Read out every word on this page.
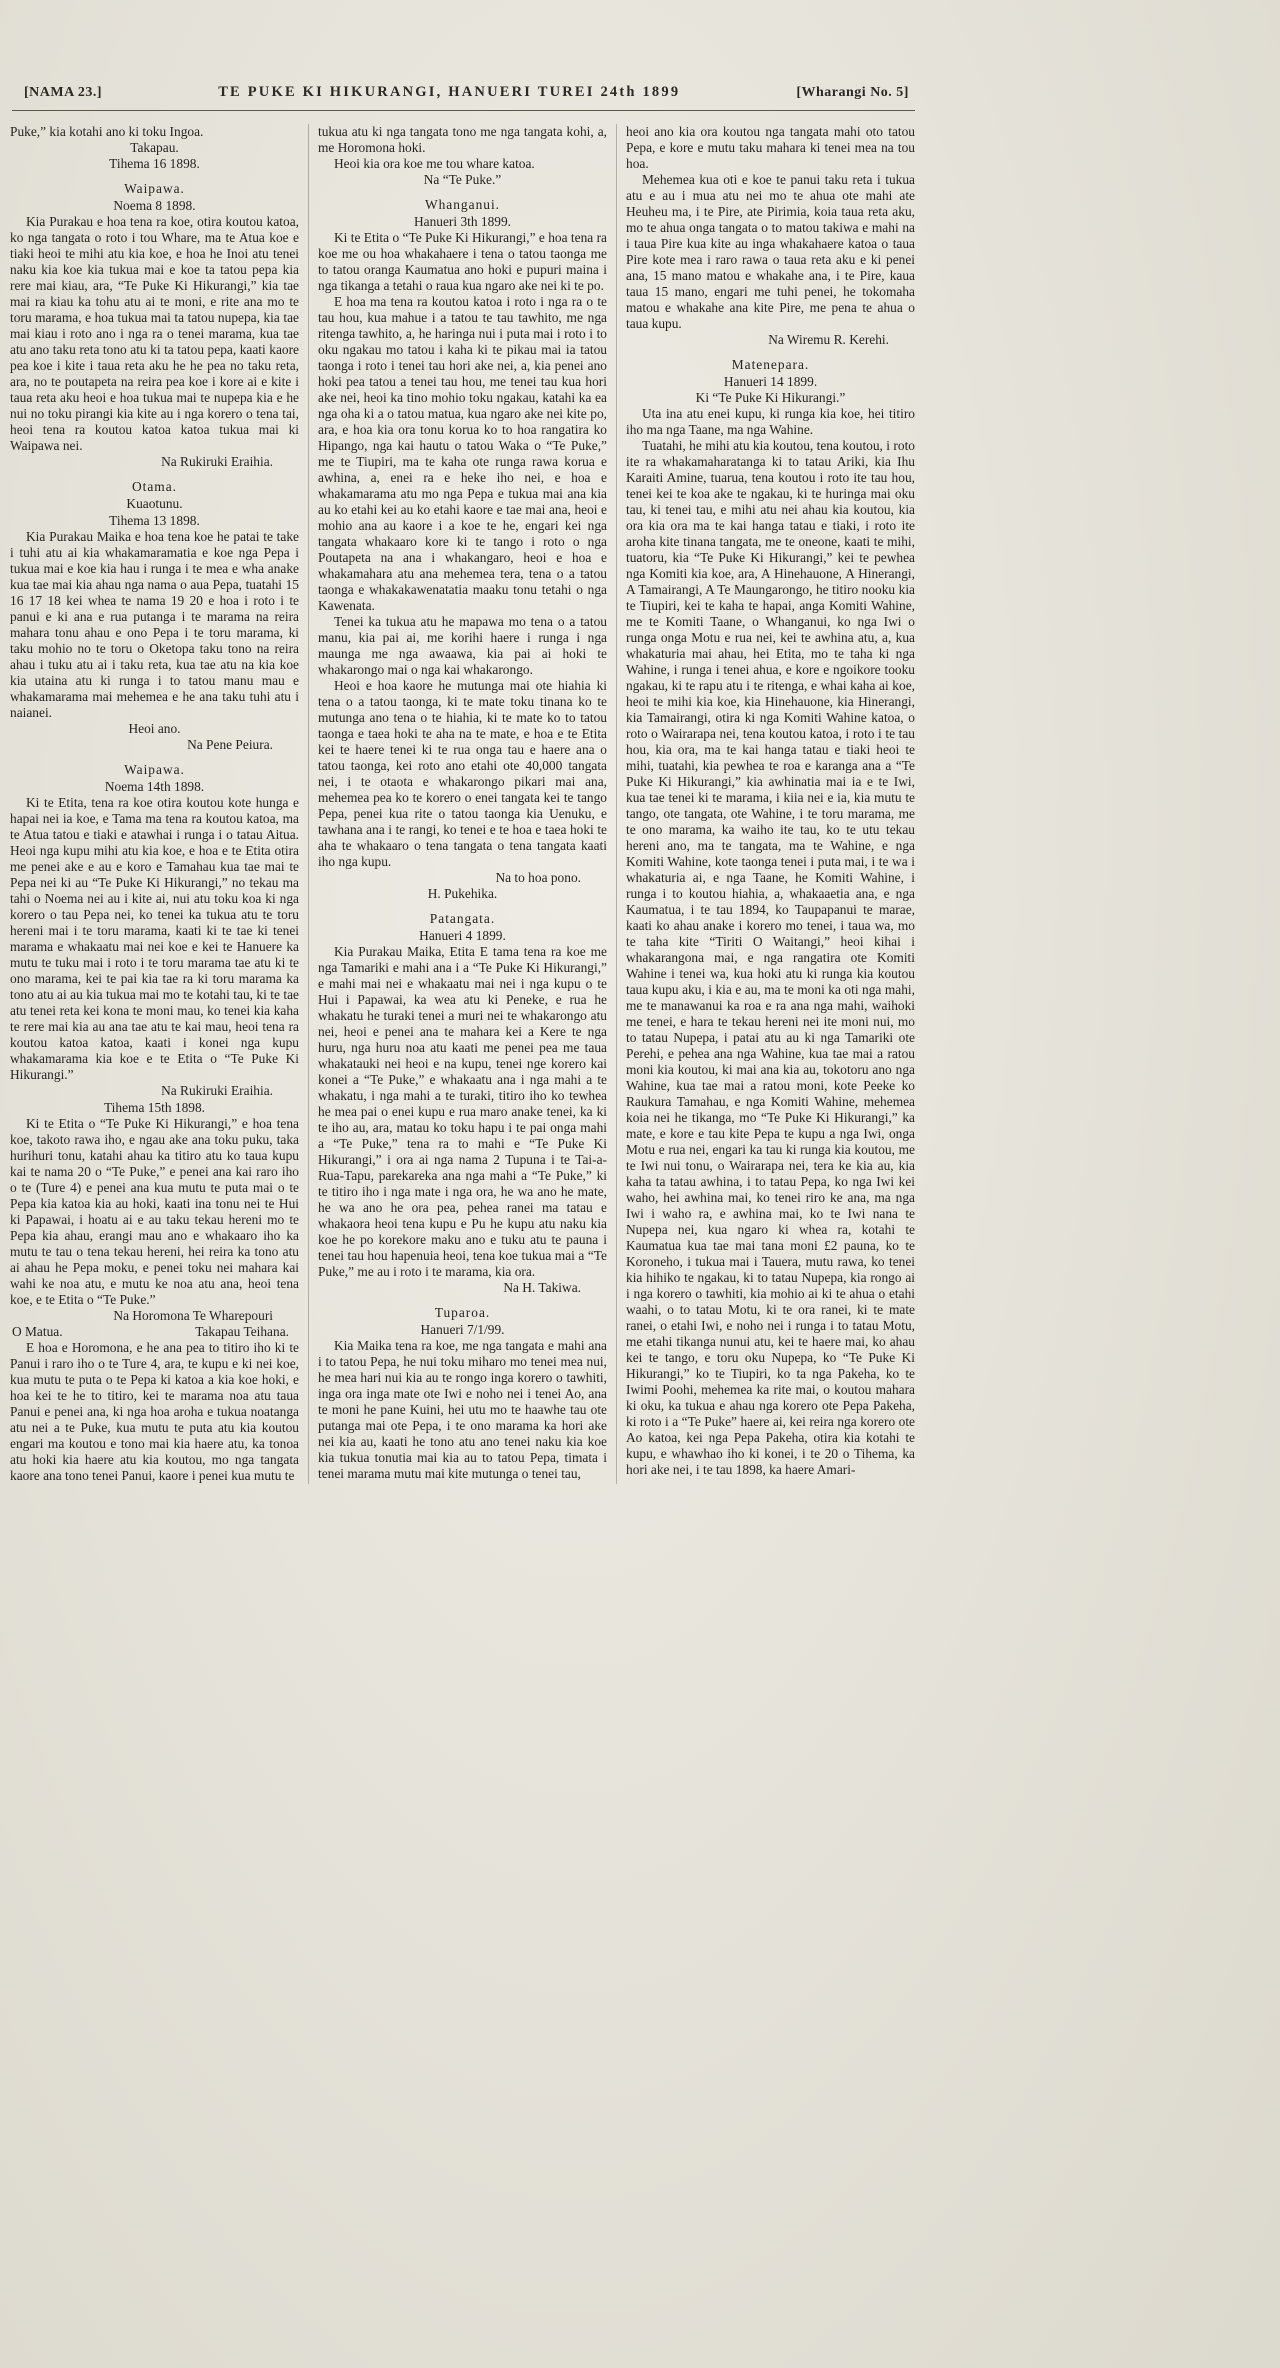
[NAMA 23.]	TE PUKE KI HIKURANGI, HANUERI TUREI 24th 1899	[Wharangi No. 5]
Puke,” kia kotahi ano ki toku Ingoa.
Takapau.
Tihema 16 1898.
Waipawa.
Noema 8 1898.
Kia Purakau e hoa tena ra koe, otira koutou katoa, ko nga tangata o roto i tou Whare, ma te Atua koe e tiaki heoi te mihi atu kia koe, e hoa he Inoi atu tenei naku kia koe kia tukua mai e koe ta tatou pepa kia rere mai kiau, ara, “Te Puke Ki Hikurangi,” kia tae mai ra kiau ka tohu atu ai te moni, e rite ana mo te toru marama, e hoa tukua mai ta tatou nupepa, kia tae mai kiau i roto ano i nga ra o tenei marama, kua tae atu ano taku reta tono atu ki ta tatou pepa, kaati kaore pea koe i kite i taua reta aku he he pea no taku reta, ara, no te poutapeta na reira pea koe i kore ai e kite i taua reta aku heoi e hoa tukua mai te nupepa kia e he nui no toku pirangi kia kite au i nga korero o tena tai, heoi tena ra koutou katoa katoa tukua mai ki Waipawa nei.
Na Rukiruki Eraihia.
Otama.
Kuaotunu.
Tihema 13 1898.
Kia Purakau Maika e hoa tena koe he patai te take i tuhi atu ai kia whakamaramatia e koe nga Pepa i tukua mai e koe kia hau i runga i te mea e wha anake kua tae mai kia ahau nga nama o aua Pepa, tuatahi 15 16 17 18 kei whea te nama 19 20 e hoa i roto i te panui e ki ana e rua putanga i te marama na reira mahara tonu ahau e ono Pepa i te toru marama, ki taku mohio no te toru o Oketopa taku tono na reira ahau i tuku atu ai i taku reta, kua tae atu na kia koe kia utaina atu ki runga i to tatou manu mau e whakamarama mai mehemea e he ana taku tuhi atu i naianei.
Heoi ano.
Na Pene Peiura.
Waipawa.
Noema 14th 1898.
Ki te Etita, tena ra koe otira koutou kote hunga e hapai nei ia koe, e Tama ma tena ra koutou katoa, ma te Atua tatou e tiaki e atawhai i runga i o tatau Aitua. Heoi nga kupu mihi atu kia koe, e hoa e te Etita otira me penei ake e au e koro e Tamahau kua tae mai te Pepa nei ki au “Te Puke Ki Hikurangi,” no tekau ma tahi o Noema nei au i kite ai, nui atu toku koa ki nga korero o tau Pepa nei, ko tenei ka tukua atu te toru hereni mai i te toru marama, kaati ki te tae ki tenei marama e whakaatu mai nei koe e kei te Hanuere ka mutu te tuku mai i roto i te toru marama tae atu ki te ono marama, kei te pai kia tae ra ki toru marama ka tono atu ai au kia tukua mai mo te kotahi tau, ki te tae atu tenei reta kei kona te moni mau, ko tenei kia kaha te rere mai kia au ana tae atu te kai mau, heoi tena ra koutou katoa katoa, kaati i konei nga kupu whakamarama kia koe e te Etita o “Te Puke Ki Hikurangi.”
Na Rukiruki Eraihia.
Tihema 15th 1898.
Ki te Etita o “Te Puke Ki Hikurangi,” e hoa tena koe, takoto rawa iho, e ngau ake ana toku puku, taka hurihuri tonu, katahi ahau ka titiro atu ko taua kupu kai te nama 20 o “Te Puke,” e penei ana kai raro iho o te (Ture 4) e penei ana kua mutu te puta mai o te Pepa kia katoa kia au hoki, kaati ina tonu nei te Hui ki Papawai, i hoatu ai e au taku tekau hereni mo te Pepa kia ahau, erangi mau ano e whakaaro iho ka mutu te tau o tena tekau hereni, hei reira ka tono atu ai ahau he Pepa moku, e penei toku nei mahara kai wahi ke noa atu, e mutu ke noa atu ana, heoi tena koe, e te Etita o “Te Puke.”
Na Horomona Te Wharepouri
O Matua.	Takapau Teihana.
E hoa e Horomona, e he ana pea to titiro iho ki te Panui i raro iho o te Ture 4, ara, te kupu e ki nei koe, kua mutu te puta o te Pepa ki katoa a kia koe hoki, e hoa kei te he to titiro, kei te marama noa atu taua Panui e penei ana, ki nga hoa aroha e tukua noatanga atu nei a te Puke, kua mutu te puta atu kia koutou engari ma koutou e tono mai kia haere atu, ka tonoa atu hoki kia haere atu kia koutou, mo nga tangata kaore ana tono tenei Panui, kaore i penei kua mutu te
tukua atu ki nga tangata tono me nga tangata kohi, a, me Horomona hoki.
Heoi kia ora koe me tou whare katoa.
Na “Te Puke.”
Whanganui.
Hanueri 3th 1899.
Ki te Etita o “Te Puke Ki Hikurangi,” e hoa tena ra koe me ou hoa whakahaere i tena o tatou taonga me to tatou oranga Kaumatua ano hoki e pupuri maina i nga tikanga a tetahi o raua kua ngaro ake nei ki te po.
E hoa ma tena ra koutou katoa i roto i nga ra o te tau hou, kua mahue i a tatou te tau tawhito, me nga ritenga tawhito, a, he haringa nui i puta mai i roto i to oku ngakau mo tatou i kaha ki te pikau mai ia tatou taonga i roto i tenei tau hori ake nei, a, kia penei ano hoki pea tatou a tenei tau hou, me tenei tau kua hori ake nei, heoi ka tino mohio toku ngakau, katahi ka ea nga oha ki a o tatou matua, kua ngaro ake nei kite po, ara, e hoa kia ora tonu korua ko to hoa rangatira ko Hipango, nga kai hautu o tatou Waka o “Te Puke,” me te Tiupiri, ma te kaha ote runga rawa korua e awhina, a, enei ra e heke iho nei, e hoa e whakamarama atu mo nga Pepa e tukua mai ana kia au ko etahi kei au ko etahi kaore e tae mai ana, heoi e mohio ana au kaore i a koe te he, engari kei nga tangata whakaaro kore ki te tango i roto o nga Poutapeta na ana i whakangaro, heoi e hoa e whakamahara atu ana mehemea tera, tena o a tatou taonga e whakakawenatatia maaku tonu tetahi o nga Kawenata.
Tenei ka tukua atu he mapawa mo tena o a tatou manu, kia pai ai, me korihi haere i runga i nga maunga me nga awaawa, kia pai ai hoki te whakarongo mai o nga kai whakarongo.
Heoi e hoa kaore he mutunga mai ote hiahia ki tena o a tatou taonga, ki te mate toku tinana ko te mutunga ano tena o te hiahia, ki te mate ko to tatou taonga e taea hoki te aha na te mate, e hoa e te Etita kei te haere tenei ki te rua onga tau e haere ana o tatou taonga, kei roto ano etahi ote 40,000 tangata nei, i te otaota e whakarongo pikari mai ana, mehemea pea ko te korero o enei tangata kei te tango Pepa, penei kua rite o tatou taonga kia Uenuku, e tawhana ana i te rangi, ko tenei e te hoa e taea hoki te aha te whakaaro o tena tangata o tena tangata kaati iho nga kupu.
Na to hoa pono.
H. Pukehika.
Patangata.
Hanueri 4 1899.
Kia Purakau Maika, Etita E tama tena ra koe me nga Tamariki e mahi ana i a “Te Puke Ki Hikurangi,” e mahi mai nei e whakaatu mai nei i nga kupu o te Hui i Papawai, ka wea atu ki Peneke, e rua he whakatu he turaki tenei a muri nei te whakarongo atu nei, heoi e penei ana te mahara kei a Kere te nga huru, nga huru noa atu kaati me penei pea me taua whakatauki nei heoi e na kupu, tenei nge korero kai konei a “Te Puke,” e whakaatu ana i nga mahi a te whakatu, i nga mahi a te turaki, titiro iho ko tewhea he mea pai o enei kupu e rua maro anake tenei, ka ki te iho au, ara, matau ko toku hapu i te pai onga mahi a “Te Puke,” tena ra to mahi e “Te Puke Ki Hikurangi,” i ora ai nga nama 2 Tupuna i te Tai-a-Rua-Tapu, parekareka ana nga mahi a “Te Puke,” ki te titiro iho i nga mate i nga ora, he wa ano he mate, he wa ano he ora pea, pehea ranei ma tatau e whakaora heoi tena kupu e Pu he kupu atu naku kia koe he po korekore maku ano e tuku atu te pauna i tenei tau hou hapenuia heoi, tena koe tukua mai a “Te Puke,” me au i roto i te marama, kia ora.
Na H. Takiwa.
Tuparoa.
Hanueri 7/1/99.
Kia Maika tena ra koe, me nga tangata e mahi ana i to tatou Pepa, he nui toku miharo mo tenei mea nui, he mea hari nui kia au te rongo inga korero o tawhiti, inga ora inga mate ote Iwi e noho nei i tenei Ao, ana te moni he pane Kuini, hei utu mo te haawhe tau ote putanga mai ote Pepa, i te ono marama ka hori ake nei kia au, kaati he tono atu ano tenei naku kia koe kia tukua tonutia mai kia au to tatou Pepa, timata i tenei marama mutu mai kite mutunga o tenei tau,
heoi ano kia ora koutou nga tangata mahi oto tatou Pepa, e kore e mutu taku mahara ki tenei mea na tou hoa.
Mehemea kua oti e koe te panui taku reta i tukua atu e au i mua atu nei mo te ahua ote mahi ate Heuheu ma, i te Pire, ate Pirimia, koia taua reta aku, mo te ahua onga tangata o to matou takiwa e mahi na i taua Pire kua kite au inga whakahaere katoa o taua Pire kote mea i raro rawa o taua reta aku e ki penei ana, 15 mano matou e whakahe ana, i te Pire, kaua taua 15 mano, engari me tuhi penei, he tokomaha matou e whakahe ana kite Pire, me pena te ahua o taua kupu.
Na Wiremu R. Kerehi.
Matenepara.
Hanueri 14 1899.
Ki “Te Puke Ki Hikurangi.”
Uta ina atu enei kupu, ki runga kia koe, hei titiro iho ma nga Taane, ma nga Wahine.
Tuatahi, he mihi atu kia koutou, tena koutou, i roto ite ra whakamaharatanga ki to tatau Ariki, kia Ihu Karaiti Amine, tuarua, tena koutou i roto ite tau hou, tenei kei te koa ake te ngakau, ki te huringa mai oku tau, ki tenei tau, e mihi atu nei ahau kia koutou, kia ora kia ora ma te kai hanga tatau e tiaki, i roto ite aroha kite tinana tangata, me te oneone, kaati te mihi, tuatoru, kia “Te Puke Ki Hikurangi,” kei te pewhea nga Komiti kia koe, ara, A Hinehauone, A Hinerangi, A Tamairangi, A Te Maungarongo, he titiro nooku kia te Tiupiri, kei te kaha te hapai, anga Komiti Wahine, me te Komiti Taane, o Whanganui, ko nga Iwi o runga onga Motu e rua nei, kei te awhina atu, a, kua whakaturia mai ahau, hei Etita, mo te taha ki nga Wahine, i runga i tenei ahua, e kore e ngoikore tooku ngakau, ki te rapu atu i te ritenga, e whai kaha ai koe, heoi te mihi kia koe, kia Hinehauone, kia Hinerangi, kia Tamairangi, otira ki nga Komiti Wahine katoa, o roto o Wairarapa nei, tena koutou katoa, i roto i te tau hou, kia ora, ma te kai hanga tatau e tiaki heoi te mihi, tuatahi, kia pewhea te roa e karanga ana a “Te Puke Ki Hikurangi,” kia awhinatia mai ia e te Iwi, kua tae tenei ki te marama, i kiia nei e ia, kia mutu te tango, ote tangata, ote Wahine, i te toru marama, me te ono marama, ka waiho ite tau, ko te utu tekau hereni ano, ma te tangata, ma te Wahine, e nga Komiti Wahine, kote taonga tenei i puta mai, i te wa i whakaturia ai, e nga Taane, he Komiti Wahine, i runga i to koutou hiahia, a, whakaaetia ana, e nga Kaumatua, i te tau 1894, ko Taupapanui te marae, kaati ko ahau anake i korero mo tenei, i taua wa, mo te taha kite “Tiriti O Waitangi,” heoi kihai i whakarangona mai, e nga rangatira ote Komiti Wahine i tenei wa, kua hoki atu ki runga kia koutou taua kupu aku, i kia e au, ma te moni ka oti nga mahi, me te manawanui ka roa e ra ana nga mahi, waihoki me tenei, e hara te tekau hereni nei ite moni nui, mo to tatau Nupepa, i patai atu au ki nga Tamariki ote Perehi, e pehea ana nga Wahine, kua tae mai a ratou moni kia koutou, ki mai ana kia au, tokotoru ano nga Wahine, kua tae mai a ratou moni, kote Peeke ko Raukura Tamahau, e nga Komiti Wahine, mehemea koia nei he tikanga, mo “Te Puke Ki Hikurangi,” ka mate, e kore e tau kite Pepa te kupu a nga Iwi, onga Motu e rua nei, engari ka tau ki runga kia koutou, me te Iwi nui tonu, o Wairarapa nei, tera ke kia au, kia kaha ta tatau awhina, i to tatau Pepa, ko nga Iwi kei waho, hei awhina mai, ko tenei riro ke ana, ma nga Iwi i waho ra, e awhina mai, ko te Iwi nana te Nupepa nei, kua ngaro ki whea ra, kotahi te Kaumatua kua tae mai tana moni £2 pauna, ko te Koroneho, i tukua mai i Tauera, mutu rawa, ko tenei kia hihiko te ngakau, ki to tatau Nupepa, kia rongo ai i nga korero o tawhiti, kia mohio ai ki te ahua o etahi waahi, o to tatau Motu, ki te ora ranei, ki te mate ranei, o etahi Iwi, e noho nei i runga i to tatau Motu, me etahi tikanga nunui atu, kei te haere mai, ko ahau kei te tango, e toru oku Nupepa, ko “Te Puke Ki Hikurangi,” ko te Tiupiri, ko ta nga Pakeha, ko te Iwimi Poohi, mehemea ka rite mai, o koutou mahara ki oku, ka tukua e ahau nga korero ote Pepa Pakeha, ki roto i a “Te Puke” haere ai, kei reira nga korero ote Ao katoa, kei nga Pepa Pakeha, otira kia kotahi te kupu, e whawhao iho ki konei, i te 20 o Tihema, ka hori ake nei, i te tau 1898, ka haere Amari-
